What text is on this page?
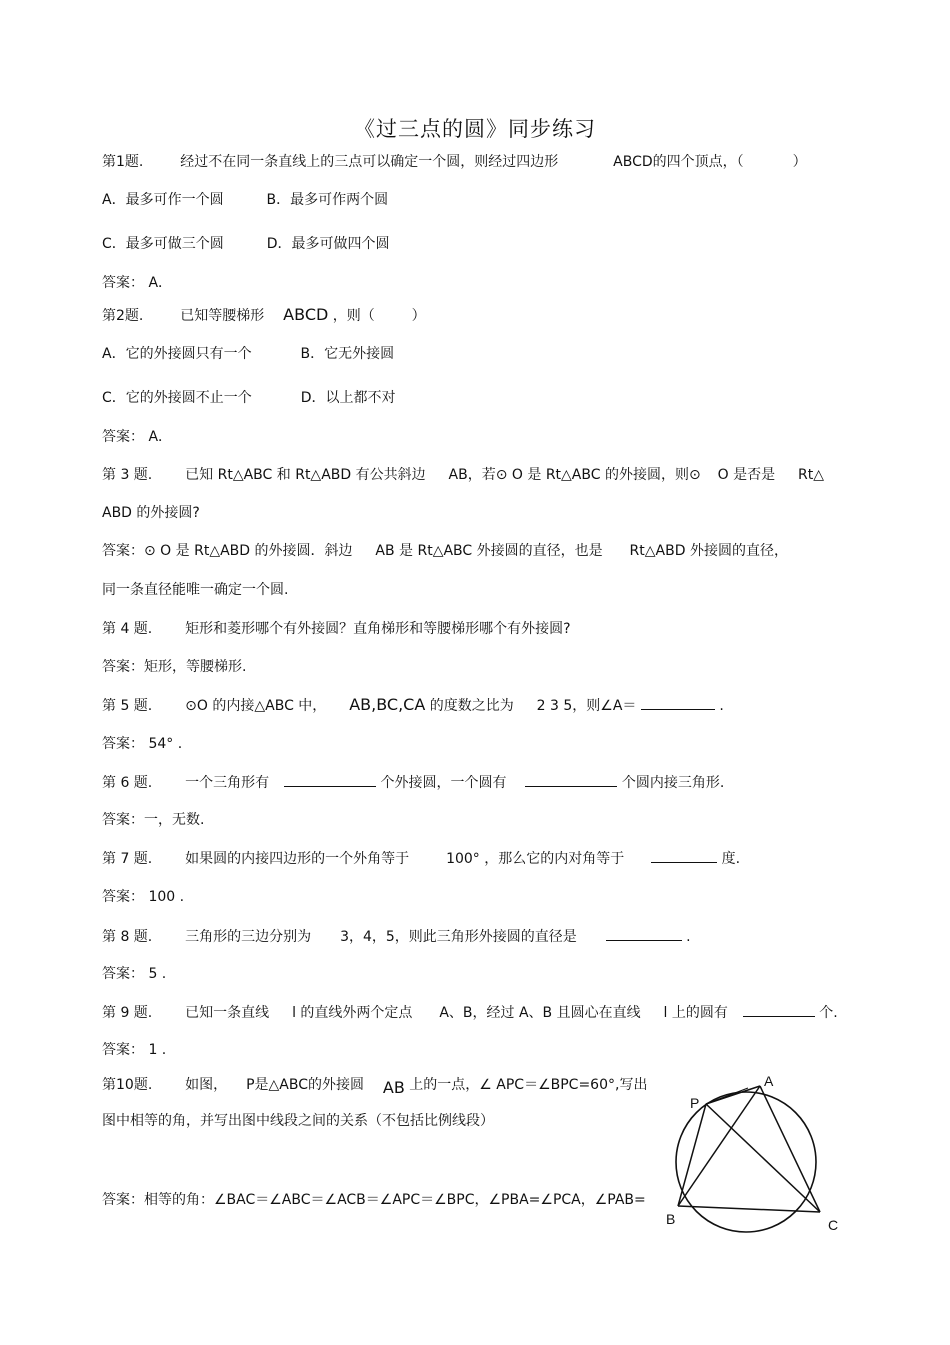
《过三点的圆》同步练习
第1题.	经过不在同一条直线上的三点可以确定一个圆，则经过四边形	ABCD的四个顶点，（	）
A．最多可作一个圆	B．最多可作两个圆
C．最多可做三个圆	D．最多可做四个圆
答案： A．
第2题.	已知等腰梯形 ABCD ，则（	）
A．它的外接圆只有一个	B．它无外接圆
C．它的外接圆不止一个	D．以上都不对
答案： A．
第 3 题. 已知 Rt△ABC 和 Rt△ABD 有公共斜边 AB，若⊙ O 是 Rt△ABC 的外接圆，则⊙ O 是否是 Rt△
ABD 的外接圆?
答案：⊙ O 是 Rt△ABD 的外接圆．斜边 AB 是 Rt△ABC 外接圆的直径，也是 Rt△ABD 外接圆的直径，
同一条直径能唯一确定一个圆.
第 4 题. 矩形和菱形哪个有外接圆？直角梯形和等腰梯形哪个有外接圆?
答案：矩形，等腰梯形.
第 5 题. ⊙O 的内接△ABC 中， AB,BC,CA 的度数之比为 2 3 5，则∠A＝	.
答案： 54° .
第 6 题. 一个三角形有	个外接圆，一个圆有	个圆内接三角形.
答案：一，无数.
第 7 题. 如果圆的内接四边形的一个外角等于	100° ，那么它的内对角等于	度.
答案： 100 .
第 8 题. 三角形的三边分别为 3，4，5，则此三角形外接圆的直径是	.
答案： 5 .
第 9 题. 已知一条直线 l 的直线外两个定点 A、B，经过 A、B 且圆心在直线 l 上的圆有	个.
答案： 1 .
第10题. 如图， P是△ABC的外接圆 AB 上的一点，∠ APC＝∠BPC=60°,写出
图中相等的角，并写出图中线段之间的关系（不包括比例线段）
答案：相等的角：∠BAC＝∠ABC＝∠ACB＝∠APC＝∠BPC，∠PBA=∠PCA，∠PAB=
A
P
B	C
